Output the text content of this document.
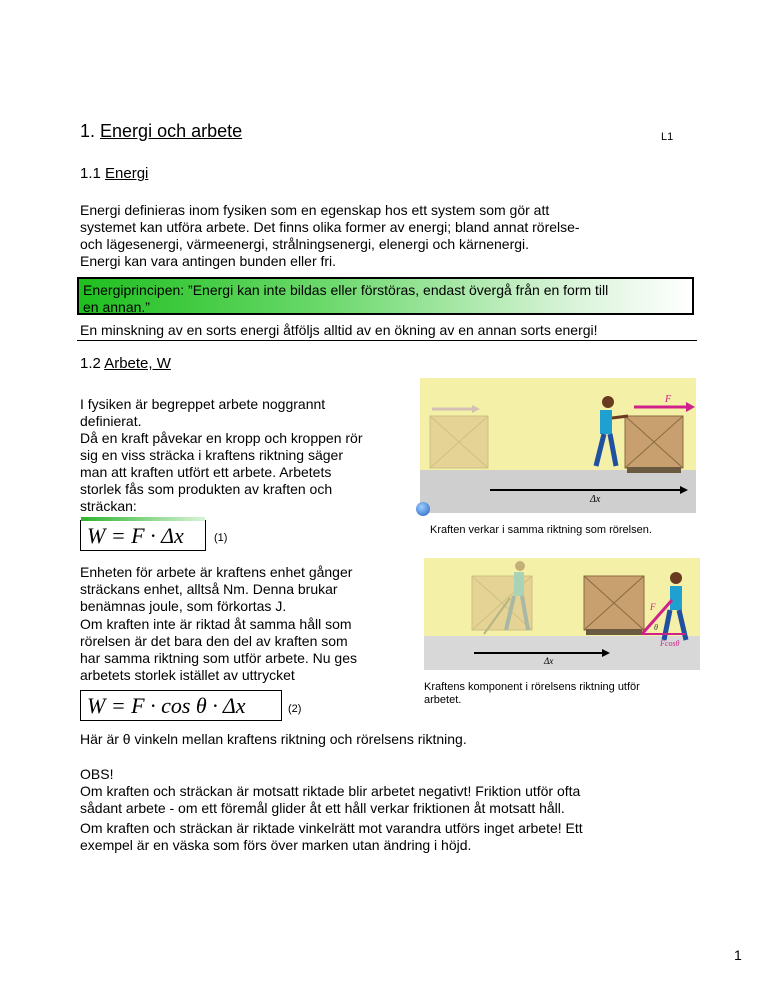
1. Energi och arbete	L1
1.1 Energi
Energi definieras inom fysiken som en egenskap hos ett system som gör att
systemet kan utföra arbete. Det finns olika former av energi; bland annat rörelse-
och lägesenergi, värmeenergi, strålningsenergi, elenergi och kärnenergi.
Energi kan vara antingen bunden eller fri.
Energiprincipen: ”Energi kan inte bildas eller förstöras, endast övergå från en form till
en annan.”
En minskning av en sorts energi åtföljs alltid av en ökning av en annan sorts energi!
1.2 Arbete, W
I fysiken är begreppet arbete noggrannt
definierat.
Då en kraft påvekar en kropp och kroppen rör
sig en viss sträcka i kraftens riktning säger
man att kraften utfört ett arbete. Arbetets
storlek fås som produkten av kraften och
sträckan:
W = F · Δx	(1)
F
Δx
Kraften verkar i samma riktning som rörelsen.
Enheten för arbete är kraftens enhet gånger
sträckans enhet, alltså Nm. Denna brukar
benämnas joule, som förkortas J.
Om kraften inte är riktad åt samma håll som
rörelsen är det bara den del av kraften som
har samma riktning som utför arbete. Nu ges
arbetets storlek istället av uttrycket
F
θ
Fcosθ
Δx
Kraftens komponent i rörelsens riktning utför
arbetet.
W = F · cos θ · Δx	(2)
Här är θ vinkeln mellan kraftens riktning och rörelsens riktning.
OBS!
Om kraften och sträckan är motsatt riktade blir arbetet negativt! Friktion utför ofta
sådant arbete - om ett föremål glider åt ett håll verkar friktionen åt motsatt håll.
Om kraften och sträckan är riktade vinkelrätt mot varandra utförs inget arbete! Ett
exempel är en väska som förs över marken utan ändring i höjd.
1
